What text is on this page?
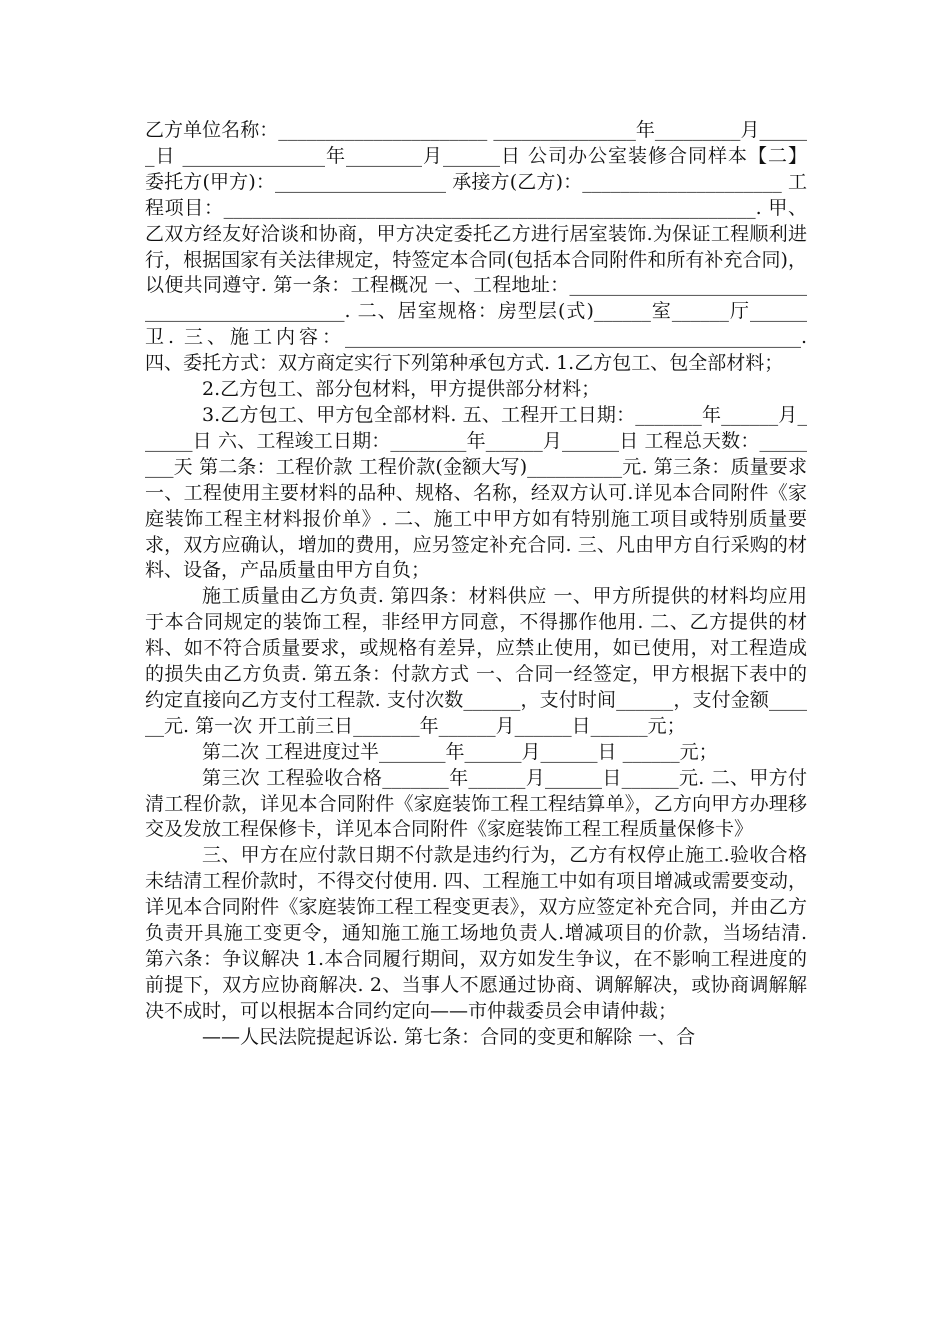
乙方单位名称：______________________ _______________年_________月______日 _______________年________月______日 公司办公室装修合同样本【二】 委托方(甲方)：__________________ 承接方(乙方)：_____________________ 工程项目：________________________________________________________. 甲、乙双方经友好洽谈和协商，甲方决定委托乙方进行居室装饰.为保证工程顺利进行，根据国家有关法律规定，特签定本合同(包括本合同附件和所有补充合同)，以便共同遵守. 第一条：工程概况 一、工程地址：______________________________________________. 二、居室规格：房型层(式)______室______厅______卫. 三、施工内容：________________________________________________. 四、委托方式：双方商定实行下列第种承包方式. 1.乙方包工、包全部材料；

2.乙方包工、部分包材料，甲方提供部分材料；

3.乙方包工、甲方包全部材料. 五、工程开工日期：_______年______月______日 六、工程竣工日期：________年______月______日 工程总天数：________天 第二条：工程价款 工程价款(金额大写)__________元. 第三条：质量要求 一、工程使用主要材料的品种、规格、名称，经双方认可.详见本合同附件《家庭装饰工程主材料报价单》. 二、施工中甲方如有特别施工项目或特别质量要求，双方应确认，增加的费用，应另签定补充合同. 三、凡由甲方自行采购的材料、设备，产品质量由甲方自负；

施工质量由乙方负责. 第四条：材料供应 一、甲方所提供的材料均应用于本合同规定的装饰工程，非经甲方同意，不得挪作他用. 二、乙方提供的材料、如不符合质量要求，或规格有差异，应禁止使用，如已使用，对工程造成的损失由乙方负责. 第五条：付款方式 一、合同一经签定，甲方根据下表中的约定直接向乙方支付工程款. 支付次数______，支付时间______，支付金额______元. 第一次 开工前三日_______年______月______日______元；

第二次 工程进度过半_______年______月______日 ______元；

第三次 工程验收合格_______年______月______日______元. 二、甲方付清工程价款，详见本合同附件《家庭装饰工程工程结算单》，乙方向甲方办理移交及发放工程保修卡，详见本合同附件《家庭装饰工程工程质量保修卡》

三、甲方在应付款日期不付款是违约行为，乙方有权停止施工.验收合格未结清工程价款时，不得交付使用. 四、工程施工中如有项目增减或需要变动，详见本合同附件《家庭装饰工程工程变更表》，双方应签定补充合同，并由乙方负责开具施工变更令，通知施工施工场地负责人.增减项目的价款，当场结清. 第六条：争议解决 1.本合同履行期间，双方如发生争议，在不影响工程进度的前提下，双方应协商解决. 2、当事人不愿通过协商、调解解决，或协商调解解决不成时，可以根据本合同约定向——市仲裁委员会申请仲裁；

——人民法院提起诉讼. 第七条：合同的变更和解除 一、合
